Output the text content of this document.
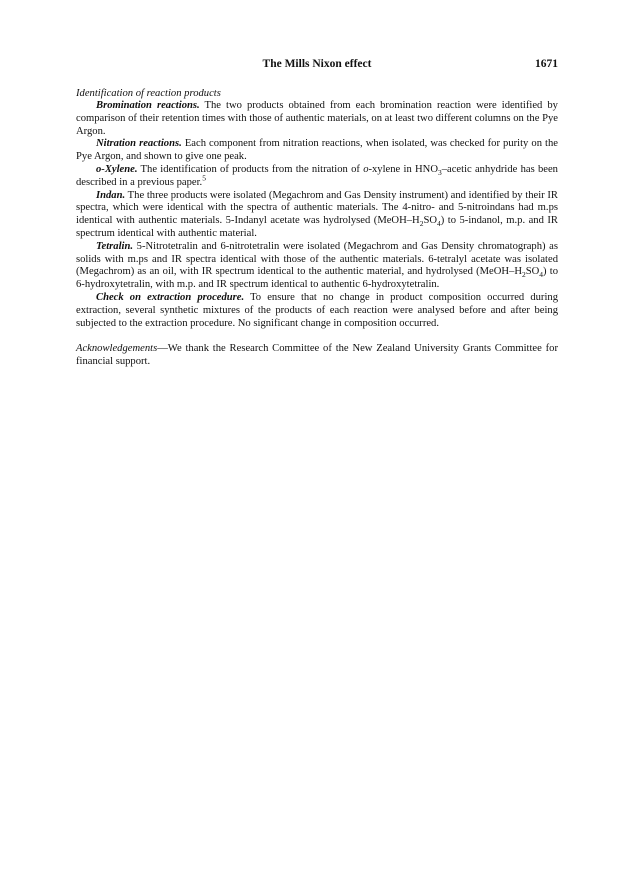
The Mills Nixon effect	1671
Identification of reaction products

Bromination reactions. The two products obtained from each bromination reaction were identified by comparison of their retention times with those of authentic materials, on at least two different columns on the Pye Argon.

Nitration reactions. Each component from nitration reactions, when isolated, was checked for purity on the Pye Argon, and shown to give one peak.

o-Xylene. The identification of products from the nitration of o-xylene in $HNO_3$–acetic anhydride has been described in a previous paper.$^5$

Indan. The three products were isolated (Megachrom and Gas Density instrument) and identified by their IR spectra, which were identical with the spectra of authentic materials. The 4-nitro- and 5-nitroindans had m.ps identical with authentic materials. 5-Indanyl acetate was hydrolysed $(MeOH-H_2SO_4)$ to 5-indanol, m.p. and IR spectrum identical with authentic material.

Tetralin. 5-Nitrotetralin and 6-nitrotetralin were isolated (Megachrom and Gas Density chromatograph) as solids with m.ps and IR spectra identical with those of the authentic materials. 6-tetralyl acetate was isolated (Megachrom) as an oil, with IR spectrum identical to the authentic material, and hydrolysed $(MeOH-H_2SO_4)$ to 6-hydroxytetralin, with m.p. and IR spectrum identical to authentic 6-hydroxytetralin.

Check on extraction procedure. To ensure that no change in product composition occurred during extraction, several synthetic mixtures of the products of each reaction were analysed before and after being subjected to the extraction procedure. No significant change in composition occurred.

Acknowledgements—We thank the Research Committee of the New Zealand University Grants Committee for financial support.
